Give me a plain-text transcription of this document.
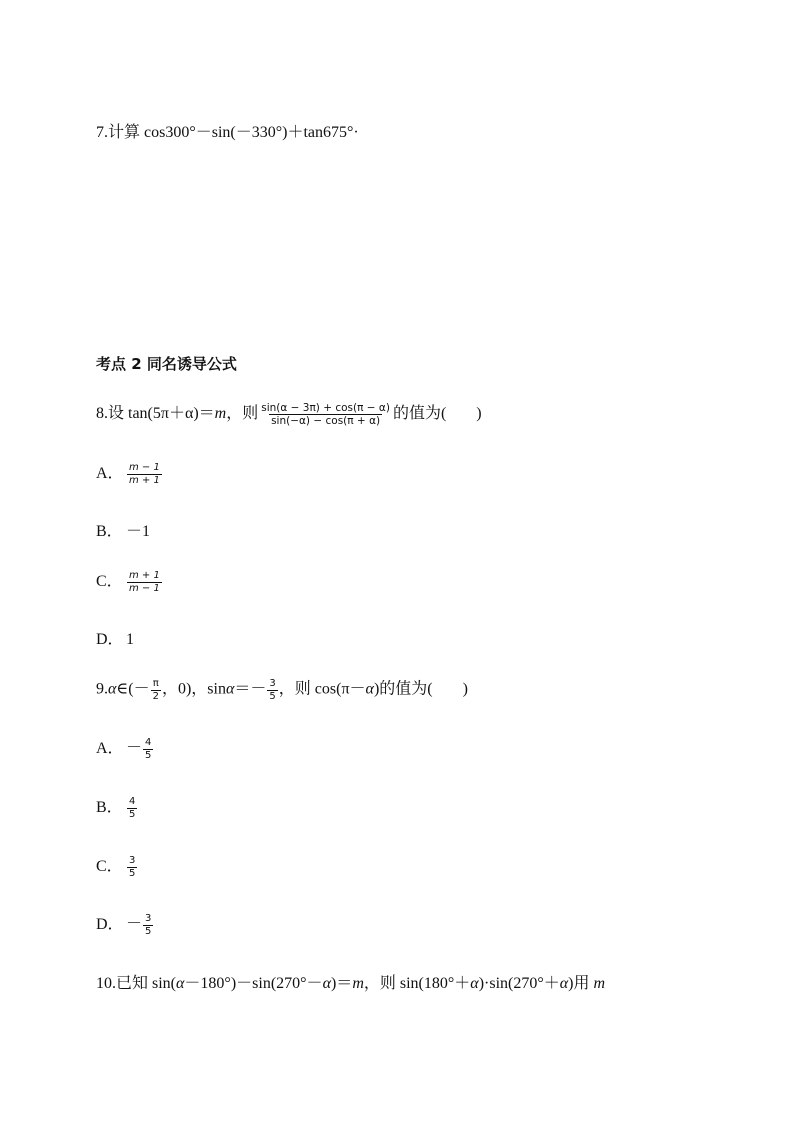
7.计算 cos300°－sin(－330°)＋tan675°·
考点 2 同名诱导公式
8.设 tan(5π＋α)＝m，则 $\frac{\sin(\alpha - 3\pi) + \cos(\pi - \alpha)}{\sin(-\alpha) - \cos(\pi + \alpha)}$ 的值为( )
A． $\frac{m - 1}{m + 1}$
B． －1
C． $\frac{m + 1}{m - 1}$
D． 1
9.α∈(－ $\frac{\pi}{2}$ ，0)，$\sin\alpha=- \frac{3}{5}$ ，则 cos(π－α)的值为( )
A． － $\frac{4}{5}$
B． $\frac{4}{5}$
C． $\frac{3}{5}$
D． － $\frac{3}{5}$
10.已知 sin(α－180°)－sin(270°－α)＝m，则 sin(180°＋α)·sin(270°＋α)用 m
